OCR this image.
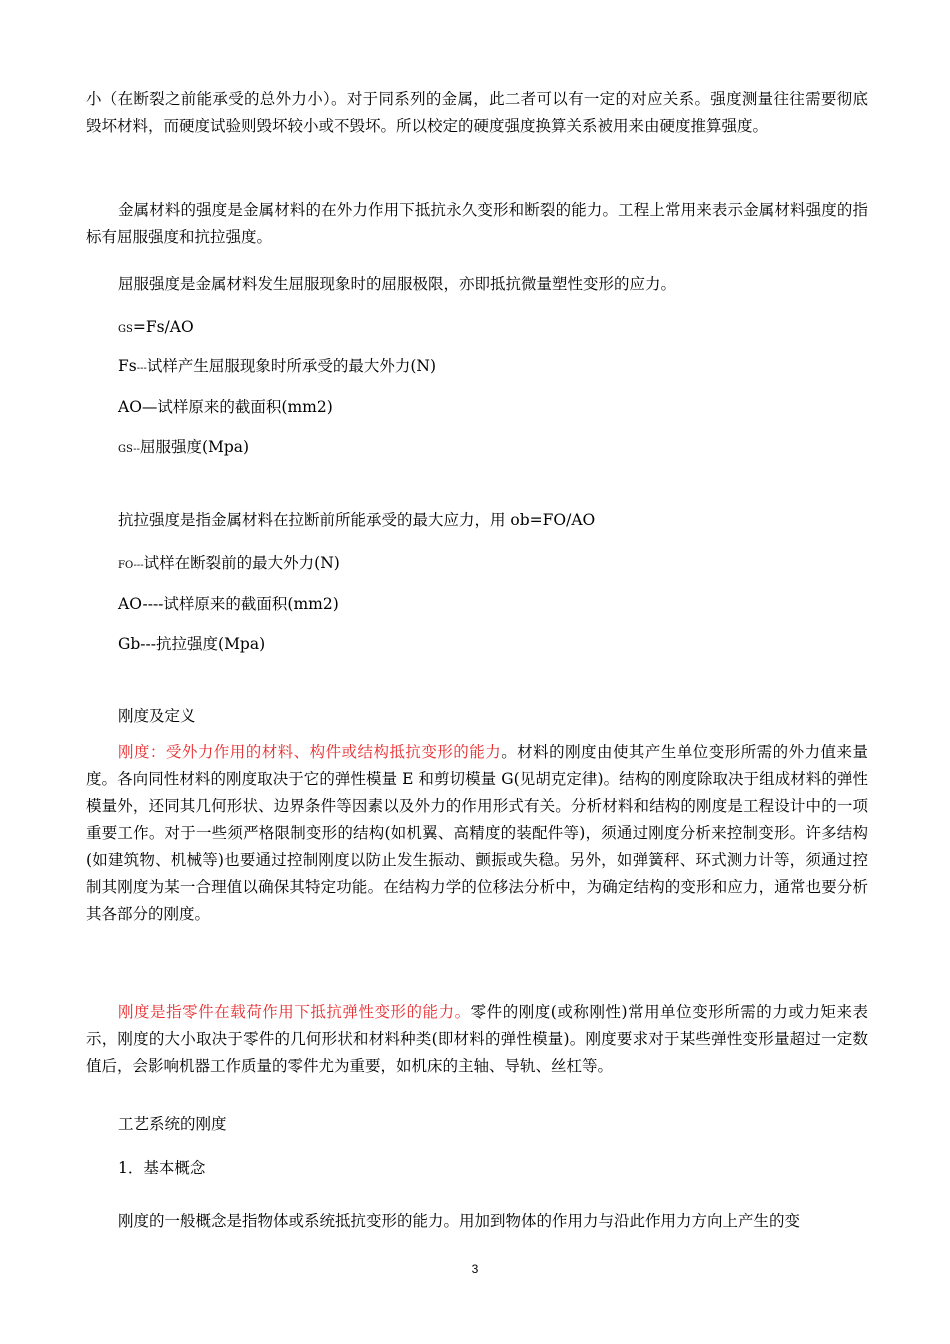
小（在断裂之前能承受的总外力小）。对于同系列的金属，此二者可以有一定的对应关系。强度测量往往需要彻底毁坏材料，而硬度试验则毁坏较小或不毁坏。所以校定的硬度强度换算关系被用来由硬度推算强度。

金属材料的强度是金属材料的在外力作用下抵抗永久变形和断裂的能力。工程上常用来表示金属材料强度的指标有屈服强度和抗拉强度。

屈服强度是金属材料发生屈服现象时的屈服极限，亦即抵抗微量塑性变形的应力。

GS=Fs/AO
Fs---试样产生屈服现象时所承受的最大外力(N)
AO—试样原来的截面积(mm2)
GS--屈服强度(Mpa)
抗拉强度是指金属材料在拉断前所能承受的最大应力，用 ob=FO/AO
FO---试样在断裂前的最大外力(N)
AO----试样原来的截面积(mm2)
Gb---抗拉强度(Mpa)
刚度及定义

刚度：受外力作用的材料、构件或结构抵抗变形的能力。材料的刚度由使其产生单位变形所需的外力值来量度。各向同性材料的刚度取决于它的弹性模量 E 和剪切模量 G(见胡克定律)。结构的刚度除取决于组成材料的弹性模量外，还同其几何形状、边界条件等因素以及外力的作用形式有关。分析材料和结构的刚度是工程设计中的一项重要工作。对于一些须严格限制变形的结构(如机翼、高精度的装配件等)，须通过刚度分析来控制变形。许多结构(如建筑物、机械等)也要通过控制刚度以防止发生振动、颤振或失稳。另外，如弹簧秤、环式测力计等，须通过控制其刚度为某一合理值以确保其特定功能。在结构力学的位移法分析中，为确定结构的变形和应力，通常也要分析其各部分的刚度。

刚度是指零件在载荷作用下抵抗弹性变形的能力。零件的刚度(或称刚性)常用单位变形所需的力或力矩来表示，刚度的大小取决于零件的几何形状和材料种类(即材料的弹性模量)。刚度要求对于某些弹性变形量超过一定数值后，会影响机器工作质量的零件尤为重要，如机床的主轴、导轨、丝杠等。

工艺系统的刚度
1．基本概念

刚度的一般概念是指物体或系统抵抗变形的能力。用加到物体的作用力与沿此作用力方向上产生的变

3
